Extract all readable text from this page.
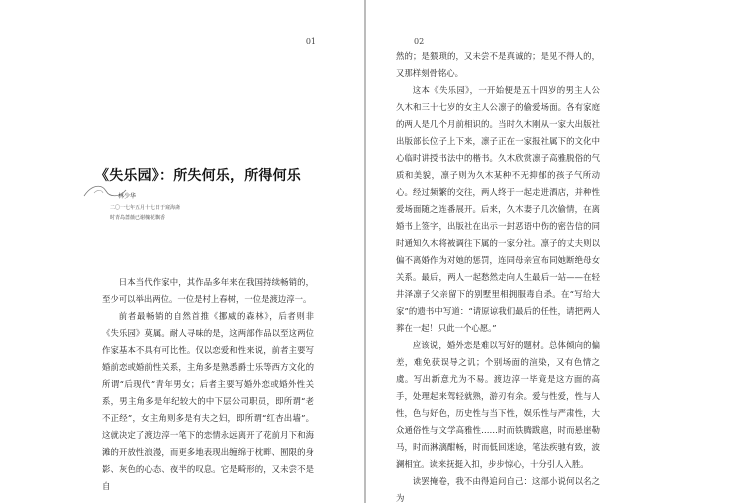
01
《失乐园》：所失何乐，所得何乐
林少华
二〇一七年五月十七日于窥海斋
时青岛蔷薇已谢槐花飘香

日本当代作家中，其作品多年来在我国持续畅销的，至少可以举出两位。一位是村上春树，一位是渡边淳一。

前者最畅销的自然首推《挪威的森林》，后者则非《失乐园》莫属。耐人寻味的是，这两部作品以至这两位作家基本不具有可比性。仅以恋爱和性来说，前者主要写婚前恋或婚前性关系，主角多是熟悉爵士乐等西方文化的所谓“后现代”青年男女；后者主要写婚外恋或婚外性关系，男主角多是年纪较大的中下层公司职员，即所谓“老不正经”，女主角则多是有夫之妇，即所谓“红杏出墙”。这就决定了渡边淳一笔下的恋情永远离开了花前月下和海滩的开放性浪漫，而更多地表现出缠绵于枕畔、囿限的身影、灰色的心态、夜半的叹息。它是畸形的，又未尝不是自

02

然的；是猥琐的，又未尝不是真诚的；是见不得人的，又那样刻骨铭心。

这本《失乐园》，一开始便是五十四岁的男主人公久木和三十七岁的女主人公凛子的偷爱场面。各有家庭的两人是几个月前相识的。当时久木刚从一家大出版社出版部长位子上下来，凛子正在一家报社属下的文化中心临时讲授书法中的楷书。久木欣赏凛子高雅脱俗的气质和美貌，凛子则为久木某种不无抑郁的孩子气所动心。经过频繁的交往，两人终于一起走进酒店，并种性爱场面随之连番展开。后来，久木妻子几次偷情，在离婚书上签字，出版社在出示一封恶语中伤的密告信的同时通知久木将被调往下属的一家分社。凛子的丈夫则以偏不离婚作为对她的惩罚，连同母亲宣布同她断绝母女关系。最后，两人一起愁然走向人生最后一站——在轻井泽凛子父亲留下的别墅里相拥服毒自杀。在“写给大家”的遗书中写道：“请原谅我们最后的任性，请把两人葬在一起！只此一个心愿。”

应该说，婚外恋是难以写好的题材。总体倾向的偏差，难免获误导之讥；个别场面的渲染，又有色情之虞。写出新意尤为不易。渡边淳一毕竟是这方面的高手，处理起来驾轻就熟，游刃有余。爱与性爱，性与人性，色与好色，历史性与当下性，娱乐性与严肃性，大众通俗性与文学高雅性……时而铁腾跋扈，时而悬崖勒马，时而淋漓酣畅，时而低回迷途，笔法疾驰有致，波澜相宜。读来抚挺入扣，步步惊心，十分引人入胜。

读罢掩卷，我不由得追问自己：这部小说何以名之为
